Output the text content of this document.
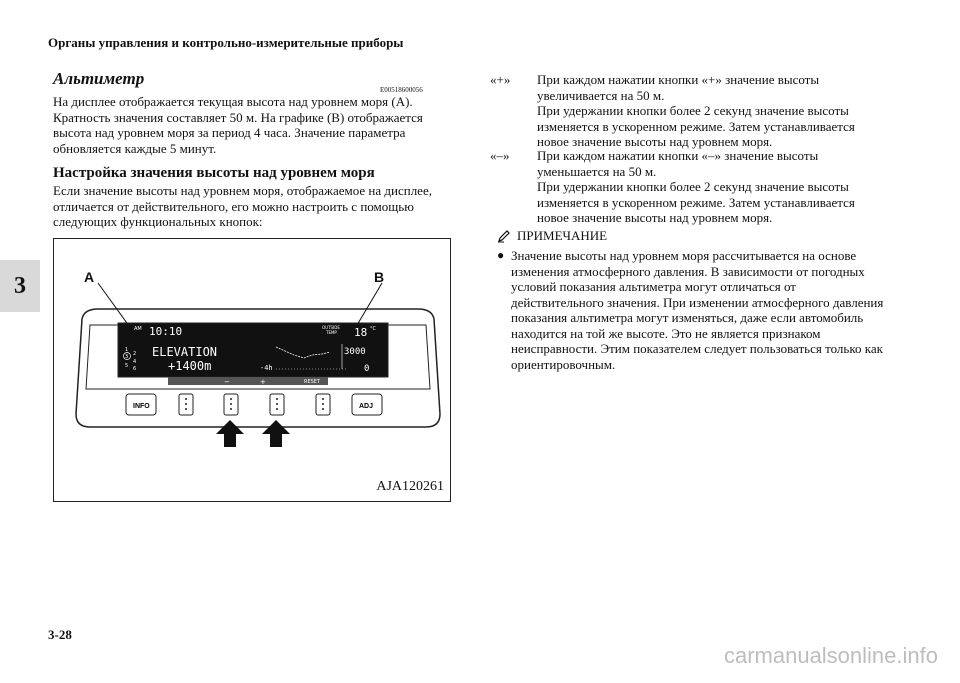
Органы управления и контрольно-измерительные приборы
3
Альтиметр
E00518600056
На дисплее отображается текущая высота над уровнем моря (A). Кратность значения составляет 50 м. На графике (B) отображается высота над уровнем моря за период 4 часа. Значение параметра обновляется каждые 5 минут.
Настройка значения высоты над уровнем моря
Если значение высоты над уровнем моря, отображаемое на дисплее, отличается от действительного, его можно настроить с помощью следующих функциональных кнопок:
AM 10:10	OUTSIDE
TEMP 18 °C
1
2
3
4
5 6
ELEVATION
+1400m	-4h
3000
0
−	+	RESET
INFO	ADJ
A	B
AJA120261
«+»	При каждом нажатии кнопки «+» значение высоты
увеличивается на 50 м.
При удержании кнопки более 2 секунд значение высоты
изменяется в ускоренном режиме. Затем устанавливается
новое значение высоты над уровнем моря.
«–»	При каждом нажатии кнопки «–» значение высоты
уменьшается на 50 м.
При удержании кнопки более 2 секунд значение высоты
изменяется в ускоренном режиме. Затем устанавливается
новое значение высоты над уровнем моря.
ПРИМЕЧАНИЕ
● Значение высоты над уровнем моря рассчитывается на основе изменения атмосферного давления. В зависимости от погодных условий показания альтиметра могут отличаться от действительного значения. При изменении атмосферного давления показания альтиметра могут изменяться, даже если автомобиль находится на той же высоте. Это не является признаком неисправности. Этим показателем следует пользоваться только как ориентировочным.
3-28
carmanualsonline.info
